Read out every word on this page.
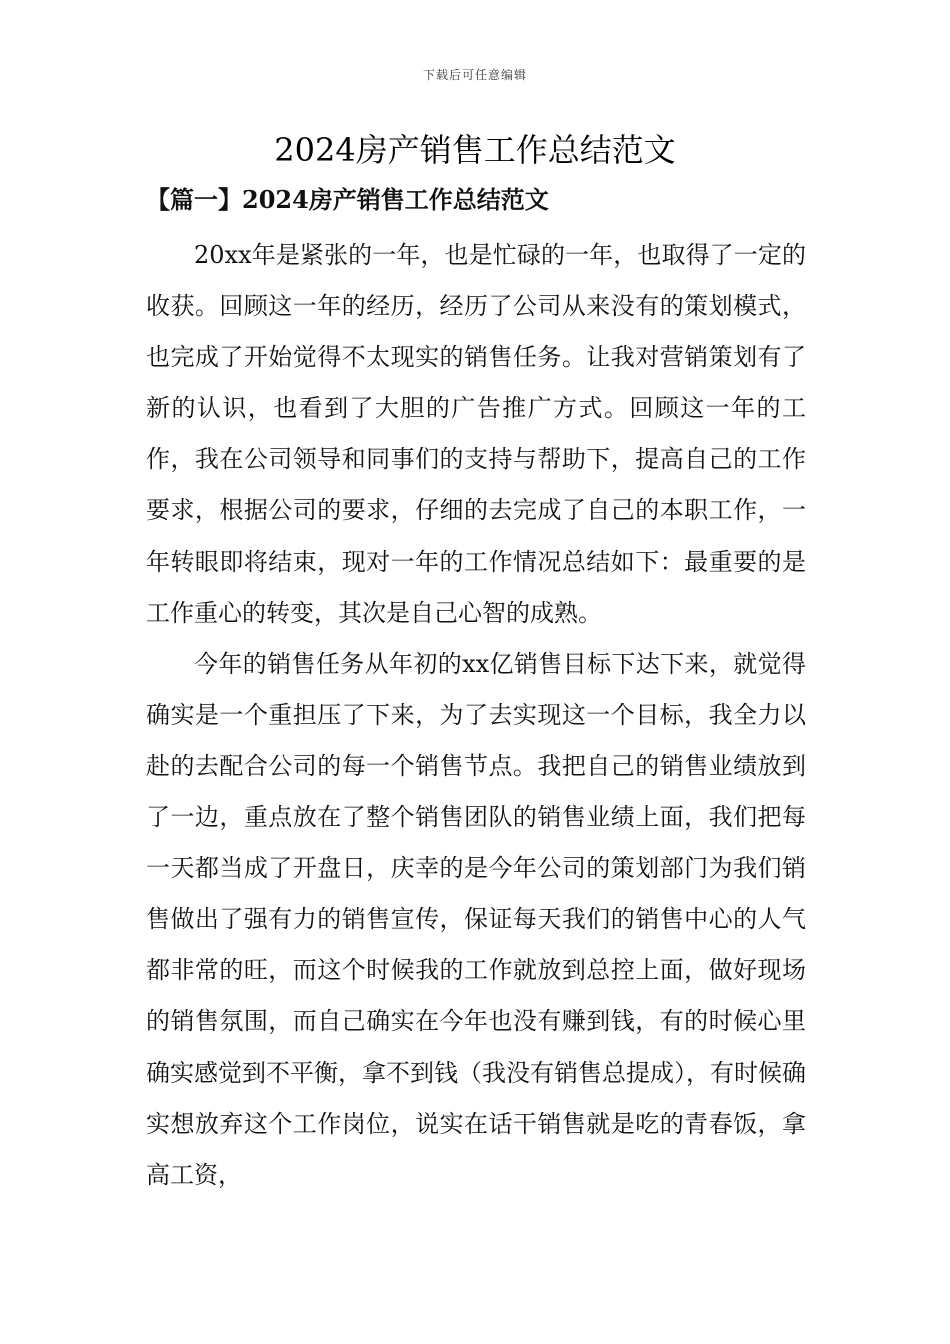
下载后可任意编辑
2024房产销售工作总结范文
【篇一】2024房产销售工作总结范文

20xx年是紧张的一年，也是忙碌的一年，也取得了一定的收获。回顾这一年的经历，经历了公司从来没有的策划模式，也完成了开始觉得不太现实的销售任务。让我对营销策划有了新的认识，也看到了大胆的广告推广方式。回顾这一年的工作，我在公司领导和同事们的支持与帮助下，提高自己的工作要求，根据公司的要求，仔细的去完成了自己的本职工作，一年转眼即将结束，现对一年的工作情况总结如下：最重要的是工作重心的转变，其次是自己心智的成熟。

今年的销售任务从年初的xx亿销售目标下达下来，就觉得确实是一个重担压了下来，为了去实现这一个目标，我全力以赴的去配合公司的每一个销售节点。我把自己的销售业绩放到了一边，重点放在了整个销售团队的销售业绩上面，我们把每一天都当成了开盘日，庆幸的是今年公司的策划部门为我们销售做出了强有力的销售宣传，保证每天我们的销售中心的人气都非常的旺，而这个时候我的工作就放到总控上面，做好现场的销售氛围，而自己确实在今年也没有赚到钱，有的时候心里确实感觉到不平衡，拿不到钱（我没有销售总提成），有时候确实想放弃这个工作岗位，说实在话干销售就是吃的青春饭，拿高工资，
